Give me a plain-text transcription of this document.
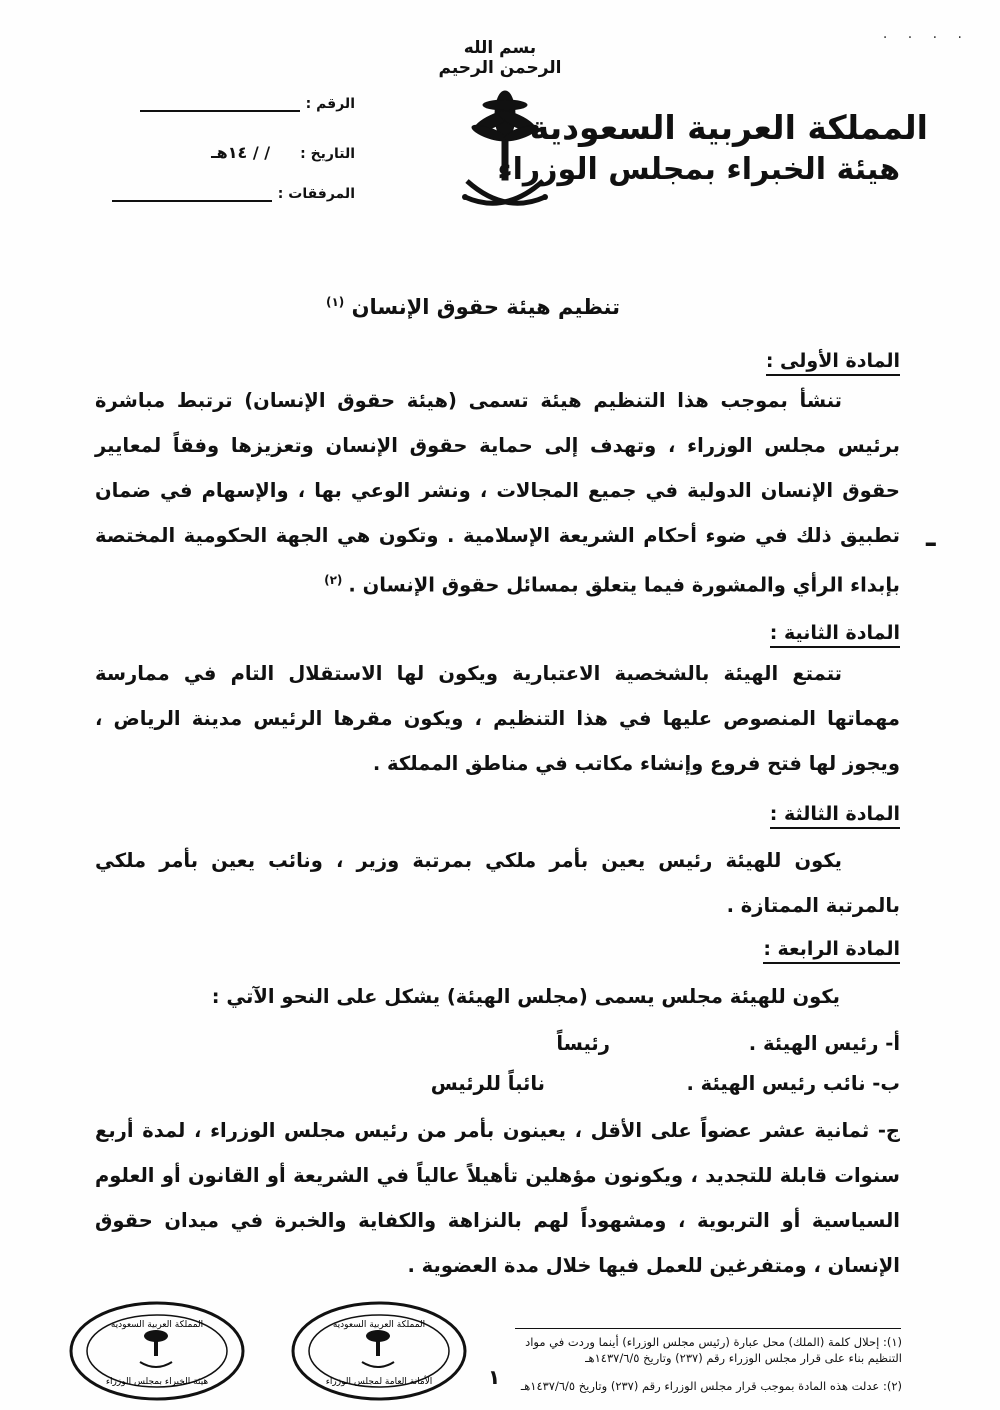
· · · ·
بسم الله الرحمن الرحيم
المملكة العربية السعودية
هيئة الخبراء بمجلس الوزراء
الرقم :
التاريخ :
/ / ١٤هـ
المرفقات :
تنظيم هيئة حقوق الإنسان $^{(١)}$
المادة الأولى :

تنشأ بموجب هذا التنظيم هيئة تسمى (هيئة حقوق الإنسان) ترتبط مباشرة برئيس مجلس الوزراء ، وتهدف إلى حماية حقوق الإنسان وتعزيزها وفقاً لمعايير حقوق الإنسان الدولية في جميع المجالات ، ونشر الوعي بها ، والإسهام في ضمان تطبيق ذلك في ضوء أحكام الشريعة الإسلامية . وتكون هي الجهة الحكومية المختصة بإبداء الرأي والمشورة فيما يتعلق بمسائل حقوق الإنسان .$^{(٢)}$

ـ
المادة الثانية :

تتمتع الهيئة بالشخصية الاعتبارية ويكون لها الاستقلال التام في ممارسة مهماتها المنصوص عليها في هذا التنظيم ، ويكون مقرها الرئيس مدينة الرياض ، ويجوز لها فتح فروع وإنشاء مكاتب في مناطق المملكة .

المادة الثالثة :

يكون للهيئة رئيس يعين بأمر ملكي بمرتبة وزير ، ونائب يعين بأمر ملكي بالمرتبة الممتازة .

المادة الرابعة :
يكون للهيئة مجلس يسمى (مجلس الهيئة) يشكل على النحو الآتي :
أ- رئيس الهيئة .
رئيساً
ب- نائب رئيس الهيئة .
نائباً للرئيس

ج- ثمانية عشر عضواً على الأقل ، يعينون بأمر من رئيس مجلس الوزراء ، لمدة أربع سنوات قابلة للتجديد ، ويكونون مؤهلين تأهيلاً عالياً في الشريعة أو القانون أو العلوم السياسية أو التربوية ، ومشهوداً لهم بالنزاهة والكفاية والخبرة في ميدان حقوق الإنسان ، ومتفرغين للعمل فيها خلال مدة العضوية .

(١): إحلال كلمة (الملك) محل عبارة (رئيس مجلس الوزراء) أينما وردت في مواد
التنظيم بناء على قرار مجلس الوزراء رقم (٢٣٧) وتاريخ ١٤٣٧/٦/٥هـ
(٢): عدلت هذه المادة بموجب قرار مجلس الوزراء رقم (٢٣٧) وتاريخ ١٤٣٧/٦/٥هـ
١
المملكة العربية السعودية
هيئة الخبراء بمجلس الوزراء
المملكة العربية السعودية
الأمانة العامة لمجلس الوزراء
